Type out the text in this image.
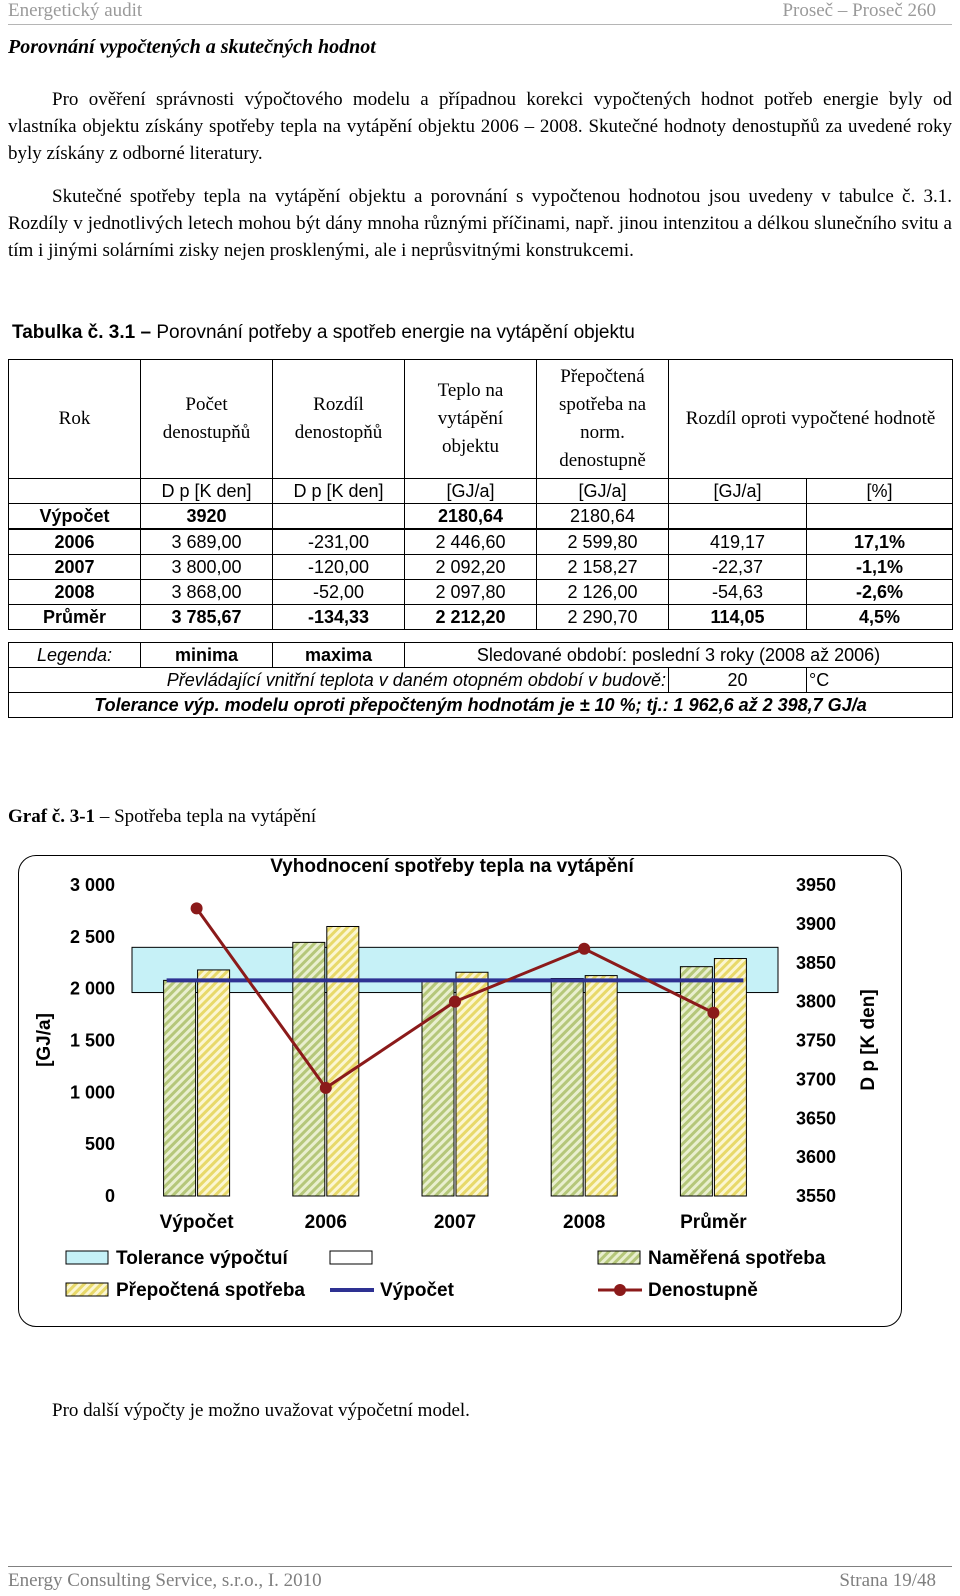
Energetický audit	Proseč – Proseč 260
Porovnání vypočtených a skutečných hodnot

Pro ověření správnosti výpočtového modelu a případnou korekci vypočtených hodnot potřeb energie byly od vlastníka objektu získány spotřeby tepla na vytápění objektu 2006 – 2008. Skutečné hodnoty denostupňů za uvedené roky byly získány z odborné literatury.

Skutečné spotřeby tepla na vytápění objektu a porovnání s vypočtenou hodnotou jsou uvedeny v tabulce č. 3.1. Rozdíly v jednotlivých letech mohou být dány mnoha různými příčinami, např. jinou intenzitou a délkou slunečního svitu a tím i jinými solárními zisky nejen prosklenými, ale i neprůsvitnými konstrukcemi.

Tabulka č. 3.1 – Porovnání potřeby a spotřeb energie na vytápění objektu
Rok	Počet denostupňů	Rozdíl denostopňů	Teplo na vytápění objektu	Přepočtená spotřeba na norm. denostupně	Rozdíl oproti vypočtené hodnotě	
	D p [K den]	D p [K den]	[GJ/a]	[GJ/a]	[GJ/a]	[%]
Výpočet	3920		2180,64	2180,64		
2006	3 689,00	-231,00	2 446,60	2 599,80	419,17	17,1%
2007	3 800,00	-120,00	2 092,20	2 158,27	-22,37	-1,1%
2008	3 868,00	-52,00	2 097,80	2 126,00	-54,63	-2,6%
Průměr	3 785,67	-134,33	2 212,20	2 290,70	114,05	4,5%

Legenda:	minima	maxima	Sledované období: poslední 3 roky (2008 až 2006)			
Převládající vnitřní teplota v daném otopném období v budově:					20	°C
Tolerance výp. modelu oproti přepočteným hodnotám je ± 10 %; tj.: 1 962,6 až 2 398,7 GJ/a						
Graf č. 3-1 – Spotřeba tepla na vytápění
Vyhodnocení spotřeby tepla na vytápění
0
500
1 000
1 500
2 000
2 500
3 000
3550
3600
3650
3700
3750
3800
3850
3900
3950
Výpočet	2006	2007	2008	Průměr
[GJ/a]	D p [K den]
Tolerance výpočtuí	Naměřená spotřeba
Přepočtená spotřeba	Výpočet	Denostupně
Pro další výpočty je možno uvažovat výpočetní model.
Energy Consulting Service, s.r.o., I. 2010	Strana 19/48
